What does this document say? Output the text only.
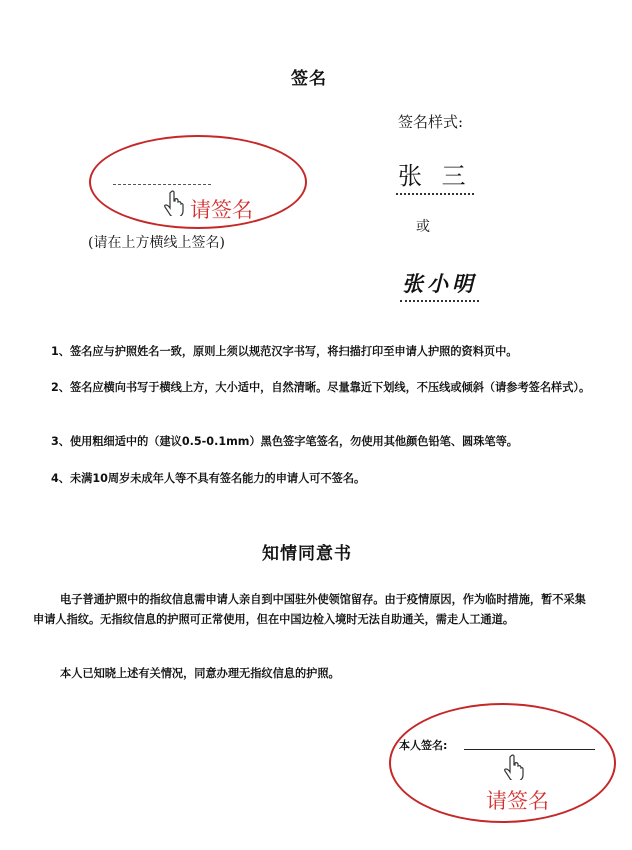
签名
请签名
(请在上方横线上签名)
签名样式:
张 三
或
张小明
1、签名应与护照姓名一致，原则上须以规范汉字书写，将扫描打印至申请人护照的资料页中。
2、签名应横向书写于横线上方，大小适中，自然清晰。尽量靠近下划线，不压线或倾斜（请参考签名样式）。
3、使用粗细适中的（建议0.5-0.1mm）黑色签字笔签名，勿使用其他颜色铅笔、圆珠笔等。
4、未满10周岁未成年人等不具有签名能力的申请人可不签名。
知情同意书
电子普通护照中的指纹信息需申请人亲自到中国驻外使领馆留存。由于疫情原因，作为临时措施，暂不采集申请人指纹。无指纹信息的护照可正常使用，但在中国边检入境时无法自助通关，需走人工通道。
本人已知晓上述有关情况，同意办理无指纹信息的护照。
本人签名:
请签名
